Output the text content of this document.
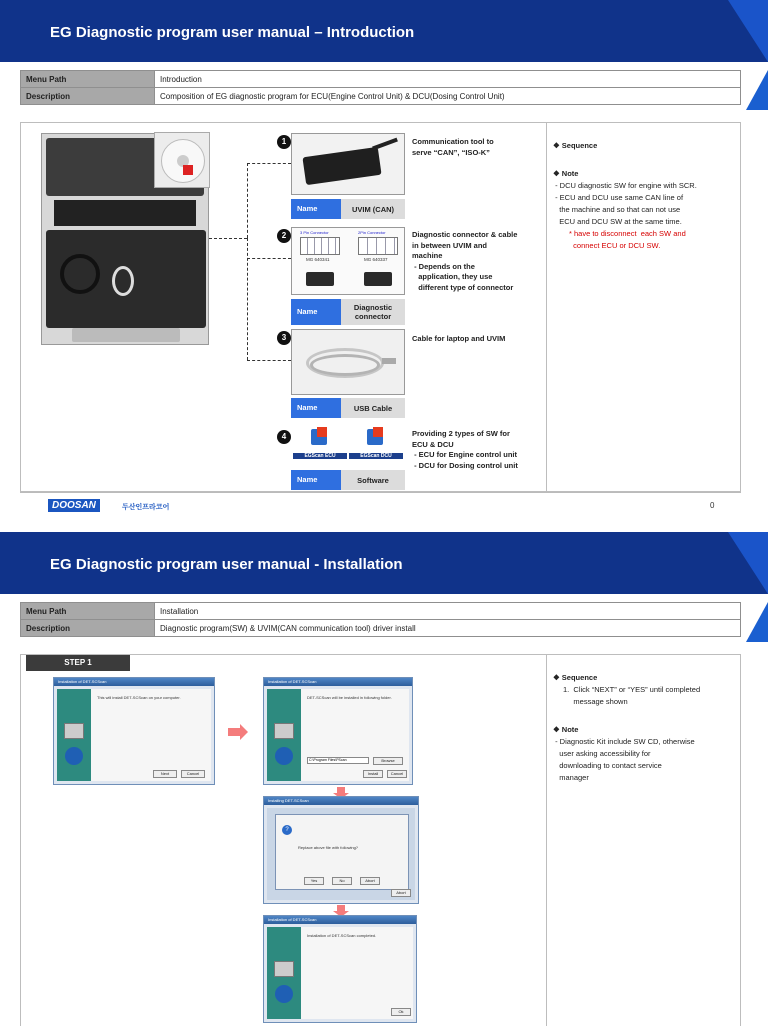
EG Diagnostic program user manual – Introduction
Menu Path	Introduction
Description	Composition of EG diagnostic program for ECU(Engine Control Unit) & DCU(Dosing Control Unit)
1
Name	UVIM (CAN)
Communication tool to
serve “CAN”, “ISO-K”
2	3 Pin Connector	2Pin Connector
MG 640341	MG 640337
Name	Diagnostic
connector
Diagnostic connector & cable
in between UVIM and
machine
- Depends on the
application, they use
different type of connector
3
Name	USB Cable
Cable for laptop and UVIM
4
EGScan ECU	EGScan DCU
Name	Software
Providing 2 types of SW for
ECU & DCU
- ECU for Engine control unit
- DCU for Dosing control unit
❖ Sequence
❖ Note
- DCU diagnostic SW for engine with SCR.
- ECU and DCU use same CAN line of
the machine and so that can not use
ECU and DCU SW at the same time.
* have to disconnect  each SW and
connect ECU or DCU SW.
DOOSAN	두산인프라코어	0
EG Diagnostic program user manual - Installation
Menu Path	Installation
Description	Diagnostic program(SW) & UVIM(CAN communication tool) driver install
STEP 1
Installation of DET-SCScan
This will install DET-SCScan on your computer.
Next	Cancel
Installation of DET-SCScan
DET-SCScan will be installed in following folder.
C:\Program Files\PScan	Browse
Install	Cancel
Installing DET-SCScan
?
Replace above file with following?
Yes	No	Abort
Abort
Installation of DET-SCScan
Installation of DET-SCScan completed.
Ok
❖ Sequence
1.  Click “NEXT” or “YES” until completed
message shown
❖ Note
- Diagnostic Kit include SW CD, otherwise
user asking accessibility for
downloading to contact service
manager
